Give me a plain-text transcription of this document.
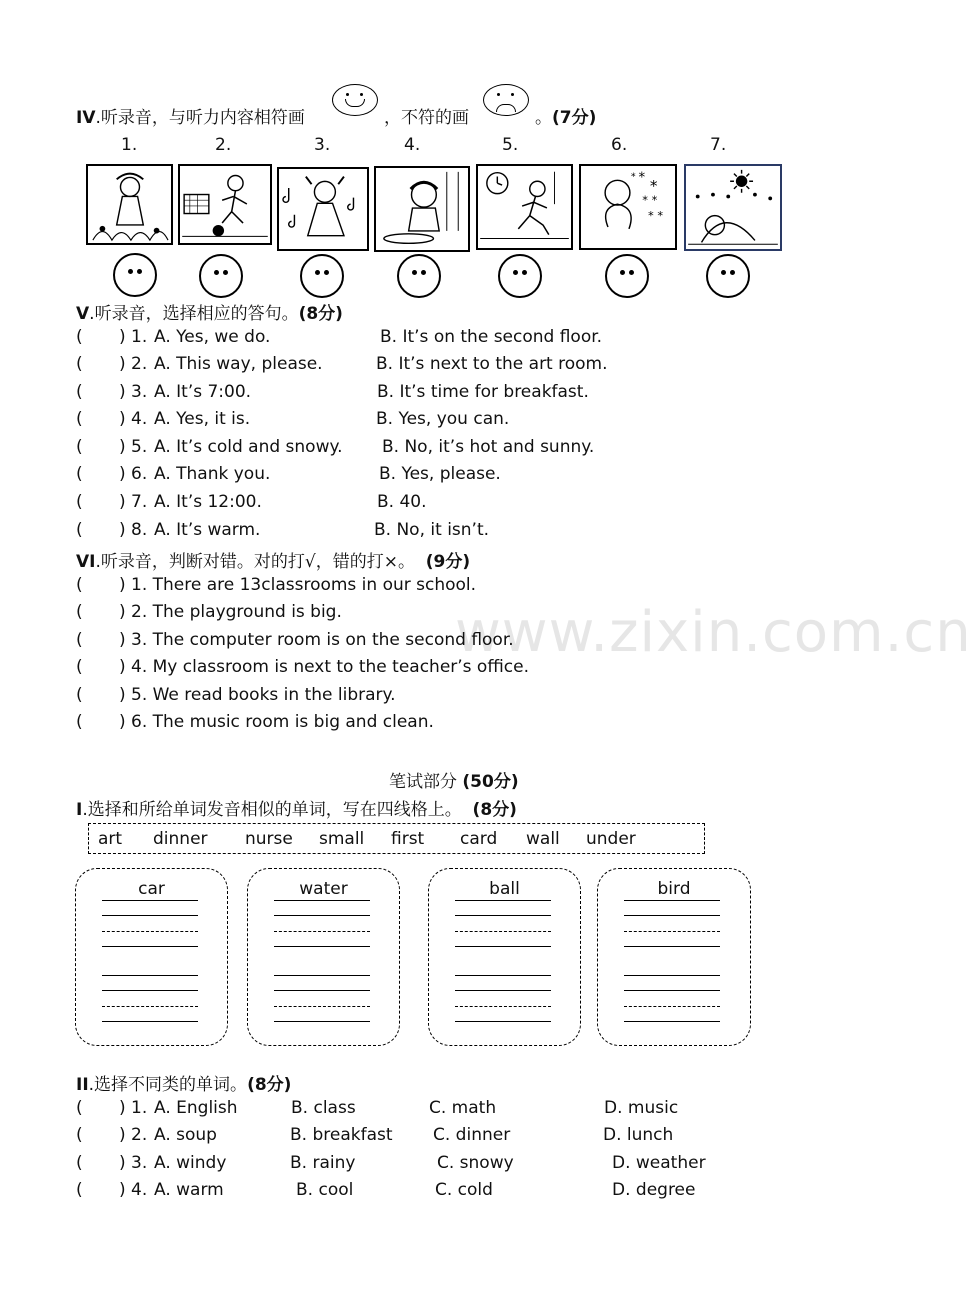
www.zixin.com.cn
IV.听录音，与听力内容相符画	，不符的画	。(7分)
1.	2.	3.	4.	5.	6.	7.
* *
* *
* *
*
V.听录音，选择相应的答句。(8分)
( ) 1. A. Yes, we do.	B. It’s on the second floor.
( ) 2. A. This way, please.	B. It’s next to the art room.
( ) 3. A. It’s 7:00.	B. It’s time for breakfast.
( ) 4. A. Yes, it is.	B. Yes, you can.
( ) 5. A. It’s cold and snowy. B. No, it’s hot and sunny.
( ) 6. A. Thank you.	B. Yes, please.
( ) 7. A. It’s 12:00.	B. 40.
( ) 8. A. It’s warm.	B. No, it isn’t.
VI.听录音，判断对错。对的打√，错的打×。 (9分)
( ) 1. There are 13classrooms in our school.
( ) 2. The playground is big.
( ) 3. The computer room is on the second floor.
( ) 4. My classroom is next to the teacher’s office.
( ) 5. We read books in the library.
( ) 6. The music room is big and clean.
笔试部分 (50分)
I.选择和所给单词发音相似的单词，写在四线格上。 (8分)
art dinner nurse small first card wall under
car	water	ball	bird
II.选择不同类的单词。(8分)
( ) 1. A. English	B. class	C. math	D. music
( ) 2. A. soup	B. breakfast C. dinner	D. lunch
( ) 3. A. windy	B. rainy	C. snowy	D. weather
( ) 4. A. warm	B. cool	C. cold	D. degree
